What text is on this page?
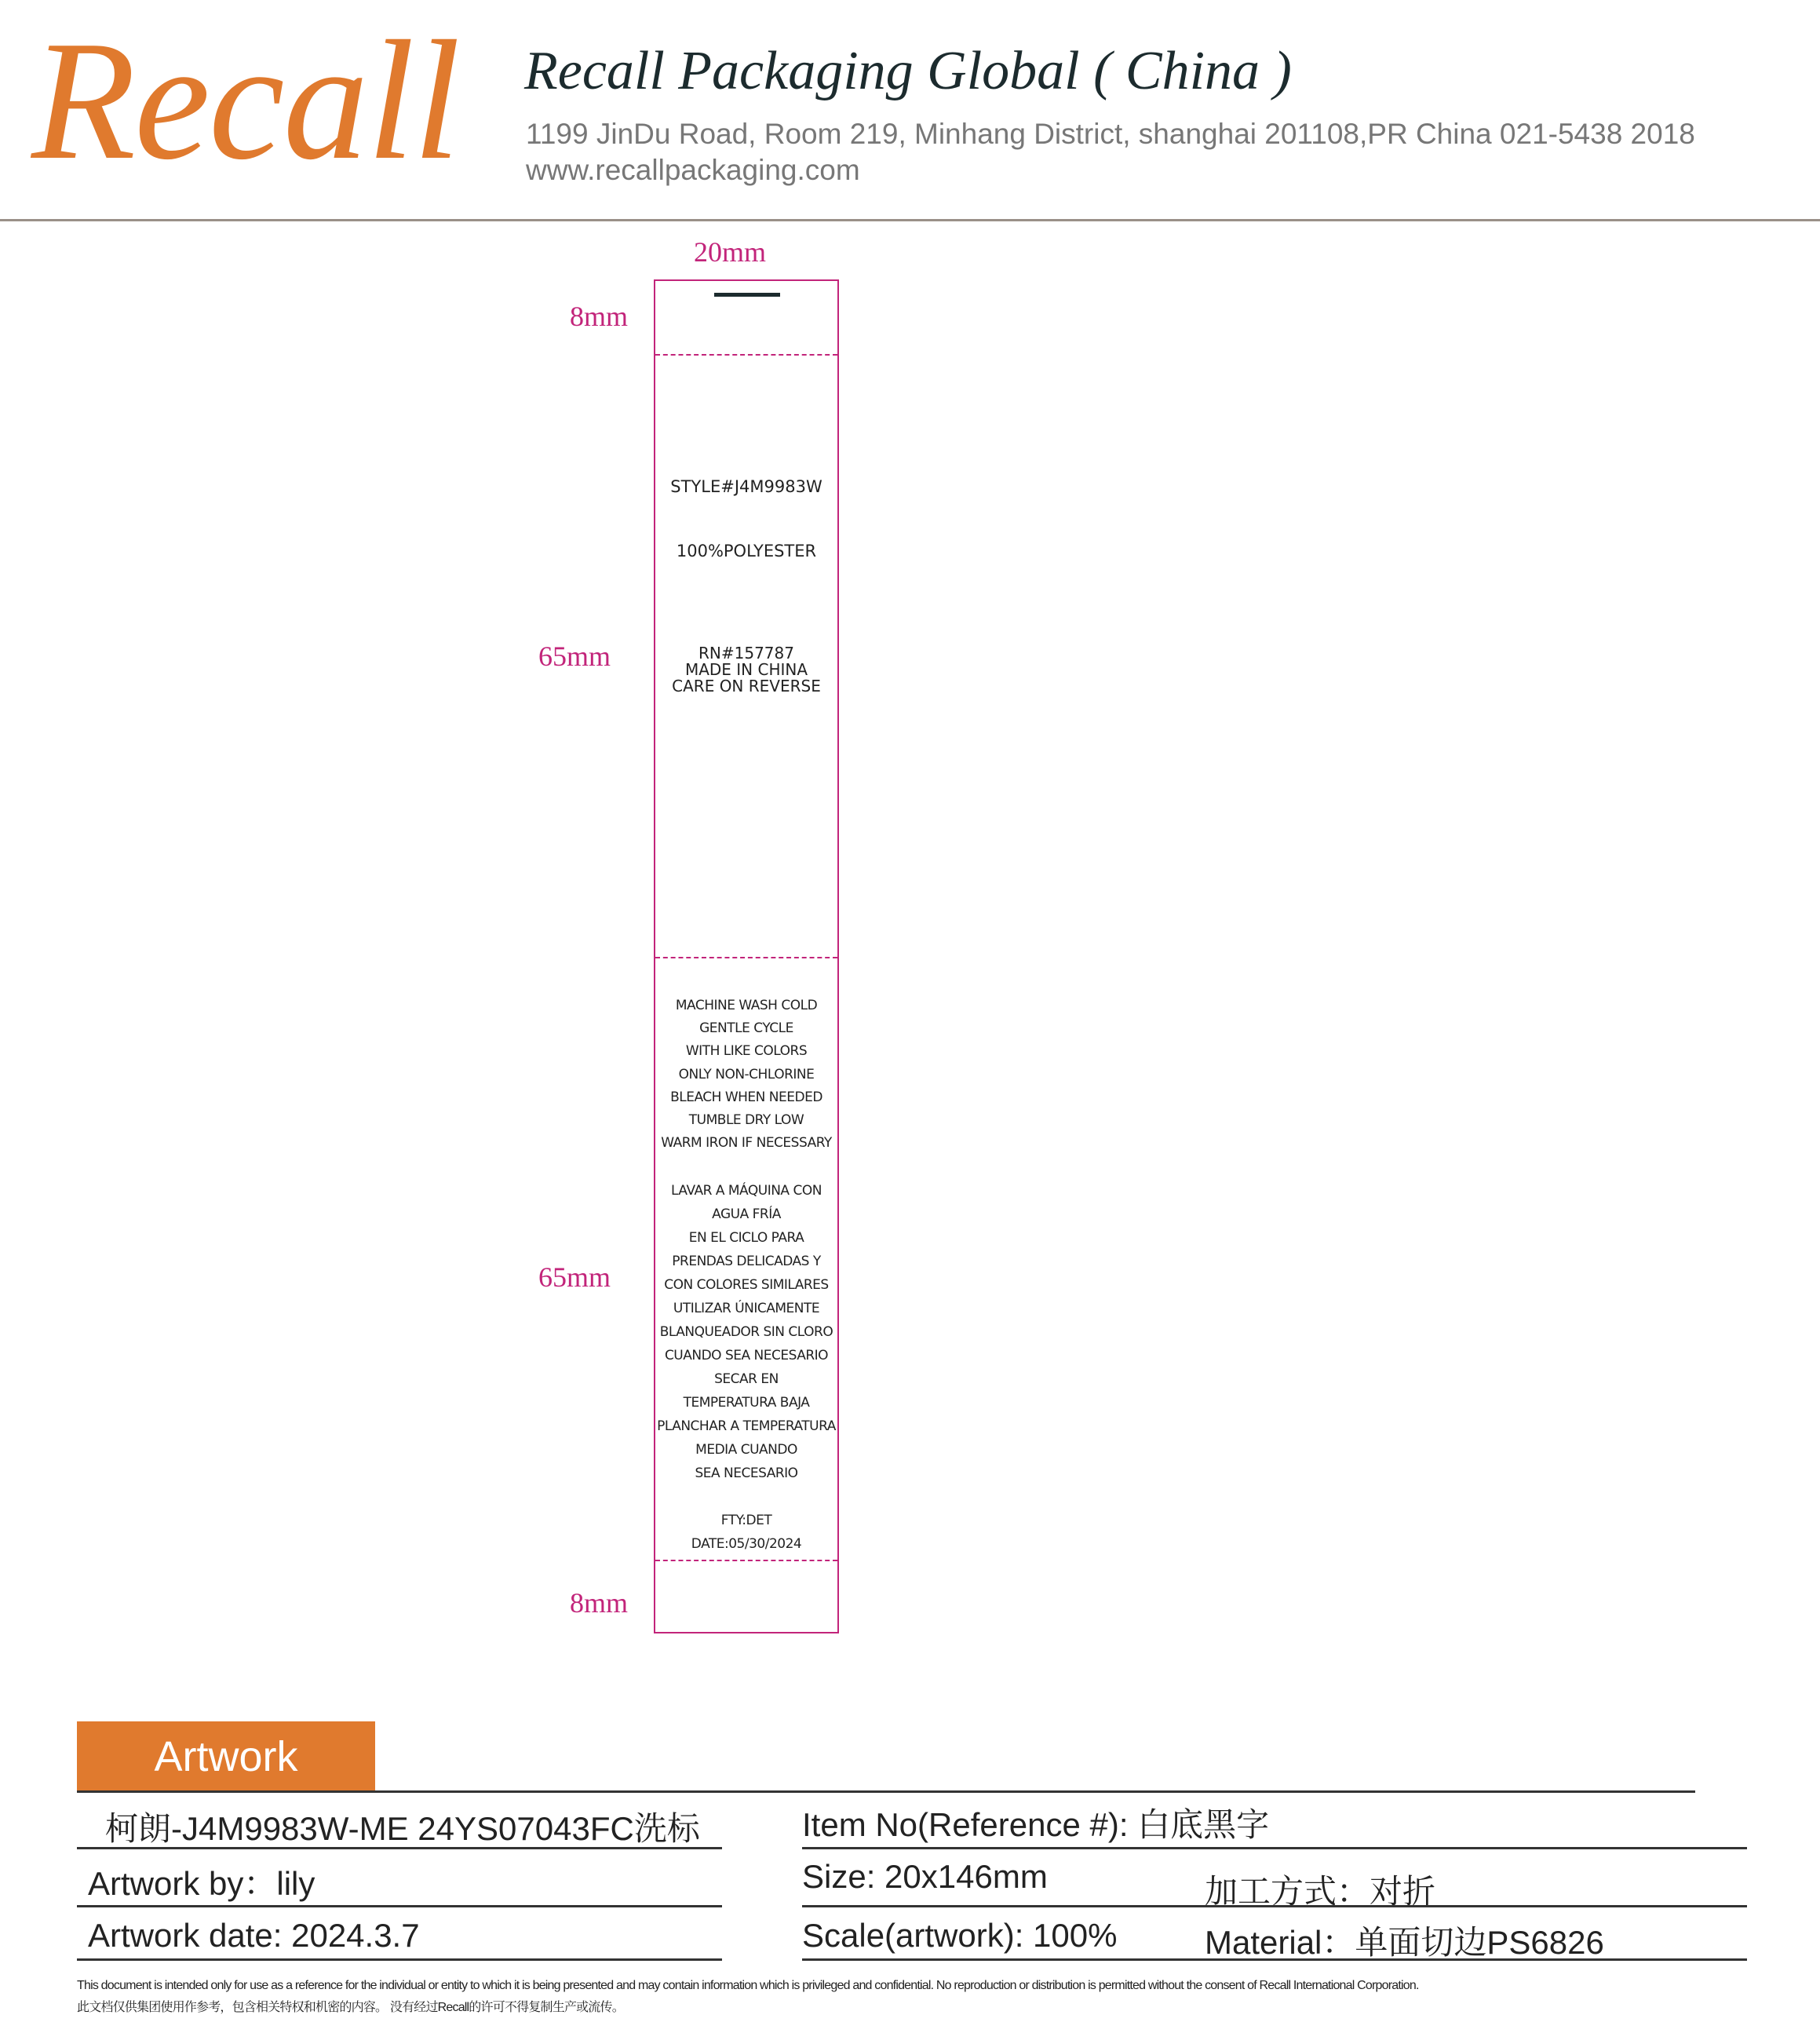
Recall Recall Packaging Global ( China )
1199 JinDu Road, Room 219, Minhang District, shanghai 201108,PR China 021-5438 2018
www.recallpackaging.com
20mm
8mm
65mm
65mm
8mm
STYLE#J4M9983W
100%POLYESTER
RN#157787
MADE IN CHINA
CARE ON REVERSE
MACHINE WASH COLD
GENTLE CYCLE
WITH LIKE COLORS
ONLY NON-CHLORINE
BLEACH WHEN NEEDED
TUMBLE DRY LOW
WARM IRON IF NECESSARY
LAVAR A MÁQUINA CON
AGUA FRÍA
EN EL CICLO PARA
PRENDAS DELICADAS Y
CON COLORES SIMILARES
UTILIZAR ÚNICAMENTE
BLANQUEADOR SIN CLORO
CUANDO SEA NECESARIO
SECAR EN
TEMPERATURA BAJA
PLANCHAR A TEMPERATURA
MEDIA CUANDO
SEA NECESARIO
FTY:DET
DATE:05/30/2024
Artwork
柯朗-J4M9983W-ME 24YS07043FC洗标	Item No(Reference #): 白底黑字
Artwork by：lily	Size: 20x146mm	加工方式：对折
Artwork date: 2024.3.7	Scale(artwork): 100%	Material：单面切边PS6826
This document is intended only for use as a reference for the individual or entity to which it is being presented and may contain information which is privileged and confidential. No reproduction or distribution is permitted without the consent of Recall International Corporation.
此文档仅供集团使用作参考，包含相关特权和机密的内容。 没有经过Recall的许可不得复制生产或流传。
